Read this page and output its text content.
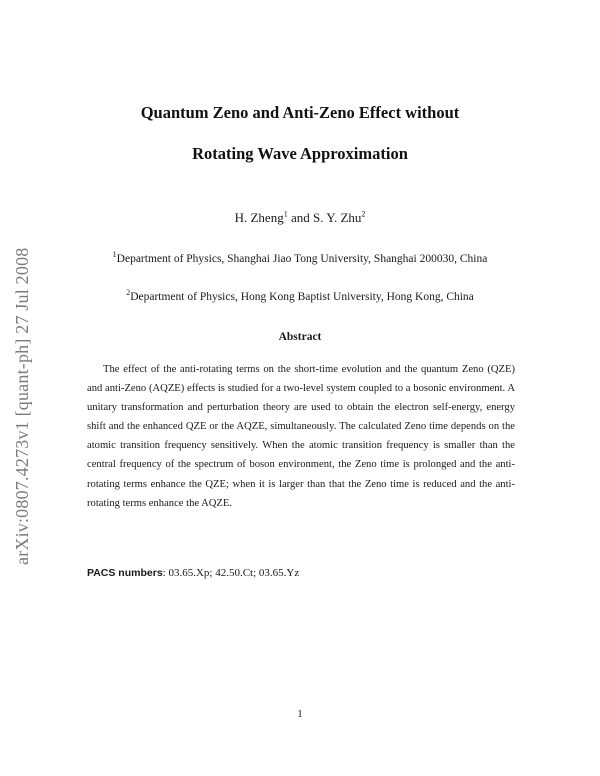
arXiv:0807.4273v1 [quant-ph] 27 Jul 2008
Quantum Zeno and Anti-Zeno Effect without
Rotating Wave Approximation
H. Zheng$^1$ and S. Y. Zhu$^2$
$^1$Department of Physics, Shanghai Jiao Tong University, Shanghai 200030, China
$^2$Department of Physics, Hong Kong Baptist University, Hong Kong, China
Abstract

The effect of the anti-rotating terms on the short-time evolution and the quantum Zeno (QZE) and anti-Zeno (AQZE) effects is studied for a two-level system coupled to a bosonic environment. A unitary transformation and perturbation theory are used to obtain the electron self-energy, energy shift and the enhanced QZE or the AQZE, simultaneously. The calculated Zeno time depends on the atomic transition frequency sensitively. When the atomic transition frequency is smaller than the central frequency of the spectrum of boson environment, the Zeno time is prolonged and the anti-rotating terms enhance the QZE; when it is larger than that the Zeno time is reduced and the anti-rotating terms enhance the AQZE.

PACS numbers: 03.65.Xp; 42.50.Ct; 03.65.Yz
1
